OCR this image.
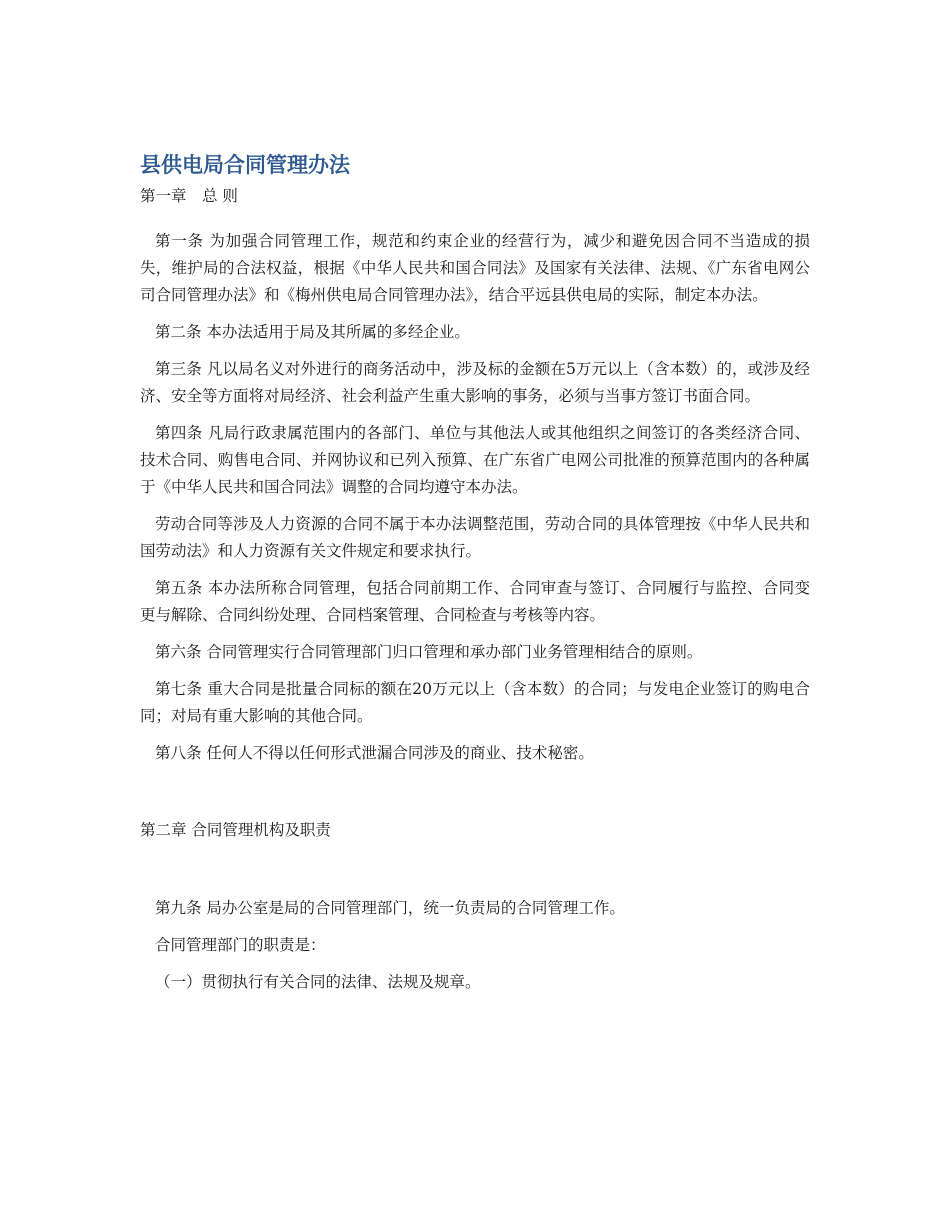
县供电局合同管理办法

第一章　总 则

第一条 为加强合同管理工作，规范和约束企业的经营行为，减少和避免因合同不当造成的损失，维护局的合法权益，根据《中华人民共和国合同法》及国家有关法律、法规、《广东省电网公司合同管理办法》和《梅州供电局合同管理办法》，结合平远县供电局的实际，制定本办法。

第二条 本办法适用于局及其所属的多经企业。

第三条 凡以局名义对外进行的商务活动中，涉及标的金额在5万元以上（含本数）的，或涉及经济、安全等方面将对局经济、社会利益产生重大影响的事务，必须与当事方签订书面合同。

第四条 凡局行政隶属范围内的各部门、单位与其他法人或其他组织之间签订的各类经济合同、技术合同、购售电合同、并网协议和已列入预算、在广东省广电网公司批准的预算范围内的各种属于《中华人民共和国合同法》调整的合同均遵守本办法。

劳动合同等涉及人力资源的合同不属于本办法调整范围，劳动合同的具体管理按《中华人民共和国劳动法》和人力资源有关文件规定和要求执行。

第五条 本办法所称合同管理，包括合同前期工作、合同审查与签订、合同履行与监控、合同变更与解除、合同纠纷处理、合同档案管理、合同检查与考核等内容。

第六条 合同管理实行合同管理部门归口管理和承办部门业务管理相结合的原则。

第七条 重大合同是批量合同标的额在20万元以上（含本数）的合同；与发电企业签订的购电合同；对局有重大影响的其他合同。

第八条 任何人不得以任何形式泄漏合同涉及的商业、技术秘密。

第二章 合同管理机构及职责

第九条 局办公室是局的合同管理部门，统一负责局的合同管理工作。

合同管理部门的职责是：

（一）贯彻执行有关合同的法律、法规及规章。
